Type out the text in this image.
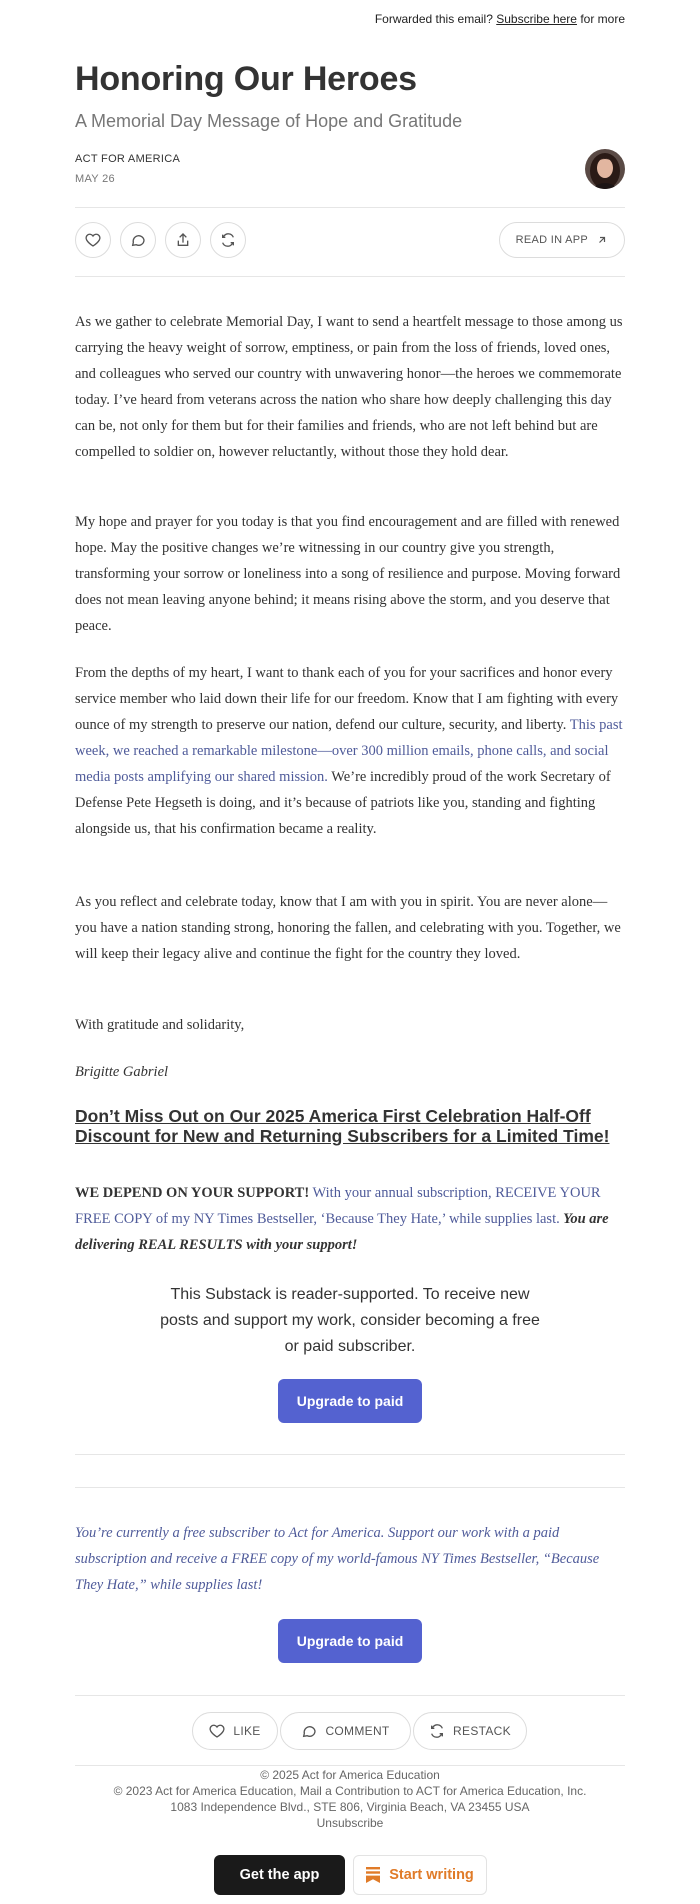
Forwarded this email? Subscribe here for more
Honoring Our Heroes
A Memorial Day Message of Hope and Gratitude
ACT FOR AMERICA
MAY 26
READ IN APP

As we gather to celebrate Memorial Day, I want to send a heartfelt message to those among us carrying the heavy weight of sorrow, emptiness, or pain from the loss of friends, loved ones, and colleagues who served our country with unwavering honor—the heroes we commemorate today. I’ve heard from veterans across the nation who share how deeply challenging this day can be, not only for them but for their families and friends, who are not left behind but are compelled to soldier on, however reluctantly, without those they hold dear.

My hope and prayer for you today is that you find encouragement and are filled with renewed hope. May the positive changes we’re witnessing in our country give you strength, transforming your sorrow or loneliness into a song of resilience and purpose. Moving forward does not mean leaving anyone behind; it means rising above the storm, and you deserve that peace.

From the depths of my heart, I want to thank each of you for your sacrifices and honor every service member who laid down their life for our freedom. Know that I am fighting with every ounce of my strength to preserve our nation, defend our culture, security, and liberty. This past week, we reached a remarkable milestone—over 300 million emails, phone calls, and social media posts amplifying our shared mission. We’re incredibly proud of the work Secretary of Defense Pete Hegseth is doing, and it’s because of patriots like you, standing and fighting alongside us, that his confirmation became a reality.

As you reflect and celebrate today, know that I am with you in spirit. You are never alone—you have a nation standing strong, honoring the fallen, and celebrating with you. Together, we will keep their legacy alive and continue the fight for the country they loved.

With gratitude and solidarity,

Brigitte Gabriel

Don’t Miss Out on Our 2025 America First Celebration Half-Off Discount for New and Returning Subscribers for a Limited Time!

WE DEPEND ON YOUR SUPPORT! With your annual subscription, RECEIVE YOUR FREE COPY of my NY Times Bestseller, ‘Because They Hate,’ while supplies last. You are delivering REAL RESULTS with your support!

This Substack is reader-supported. To receive new posts and support my work, consider becoming a free or paid subscriber.
Upgrade to paid

You’re currently a free subscriber to Act for America. Support our work with a paid subscription and receive a FREE copy of my world-famous NY Times Bestseller, “Because They Hate,” while supplies last!

Upgrade to paid
LIKE	COMMENT	RESTACK
© 2025 Act for America Education
© 2023 Act for America Education, Mail a Contribution to ACT for America Education, Inc.
1083 Independence Blvd., STE 806, Virginia Beach, VA 23455 USA
Unsubscribe
Get the app	Start writing
